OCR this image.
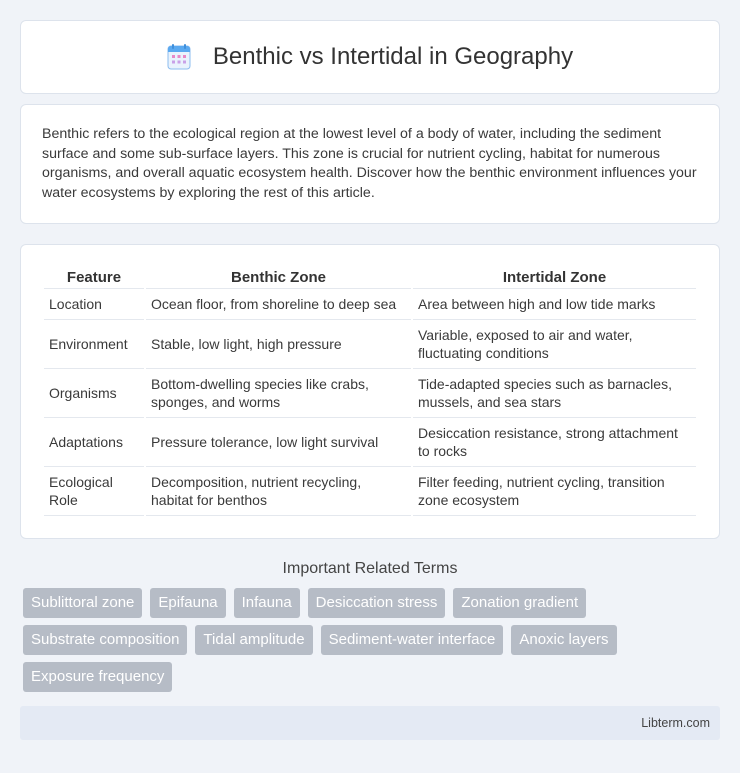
Benthic vs Intertidal in Geography

Benthic refers to the ecological region at the lowest level of a body of water, including the sediment surface and some sub-surface layers. This zone is crucial for nutrient cycling, habitat for numerous organisms, and overall aquatic ecosystem health. Discover how the benthic environment influences your water ecosystems by exploring the rest of this article.

Feature	Benthic Zone	Intertidal Zone
Location	Ocean floor, from shoreline to deep sea	Area between high and low tide marks
Environment	Stable, low light, high pressure	Variable, exposed to air and water, fluctuating conditions
Organisms	Bottom-dwelling species like crabs, sponges, and worms	Tide-adapted species such as barnacles, mussels, and sea stars
Adaptations	Pressure tolerance, low light survival	Desiccation resistance, strong attachment to rocks
Ecological Role	Decomposition, nutrient recycling, habitat for benthos	Filter feeding, nutrient cycling, transition zone ecosystem
Important Related Terms
Sublittoral zone	Epifauna	Infauna	Desiccation stress	Zonation gradient
Substrate composition	Tidal amplitude	Sediment-water interface	Anoxic layers
Exposure frequency
Libterm.com
